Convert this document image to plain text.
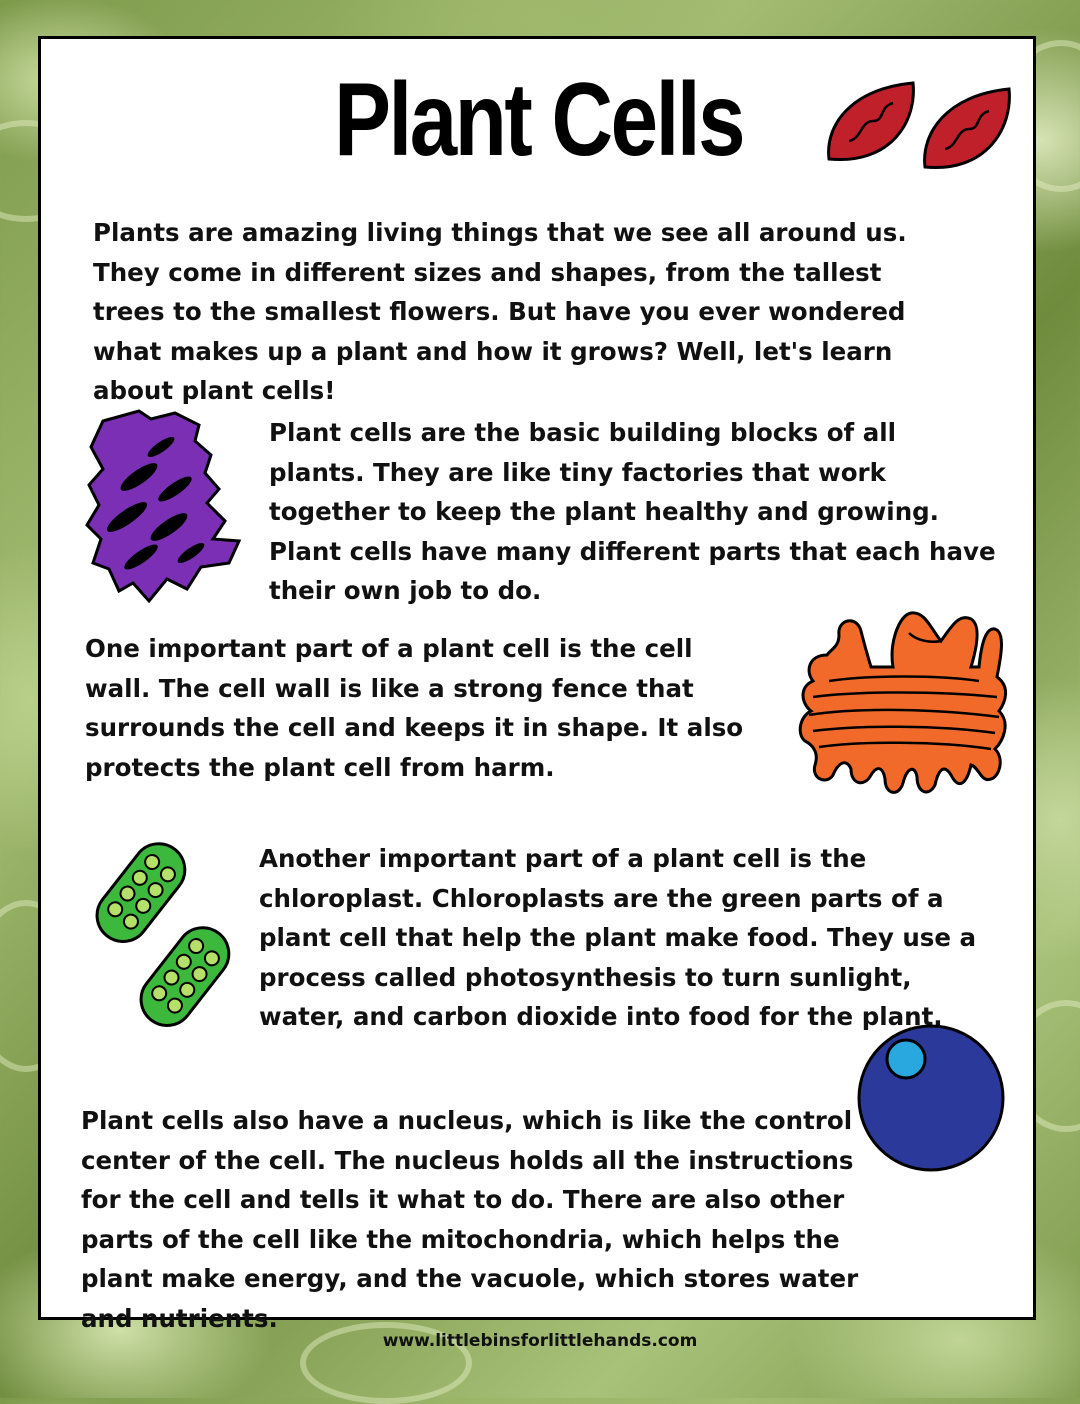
Plant Cells
Plants are amazing living things that we see all around us. They come in different sizes and shapes, from the tallest trees to the smallest flowers. But have you ever wondered what makes up a plant and how it grows? Well, let's learn about plant cells!
Plant cells are the basic building blocks of all plants. They are like tiny factories that work together to keep the plant healthy and growing. Plant cells have many different parts that each have their own job to do.
One important part of a plant cell is the cell wall. The cell wall is like a strong fence that surrounds the cell and keeps it in shape. It also protects the plant cell from harm.
Another important part of a plant cell is the chloroplast. Chloroplasts are the green parts of a plant cell that help the plant make food. They use a process called photosynthesis to turn sunlight, water, and carbon dioxide into food for the plant.
Plant cells also have a nucleus, which is like the control center of the cell. The nucleus holds all the instructions for the cell and tells it what to do. There are also other parts of the cell like the mitochondria, which helps the plant make energy, and the vacuole, which stores water and nutrients.
www.littlebinsforlittlehands.com
